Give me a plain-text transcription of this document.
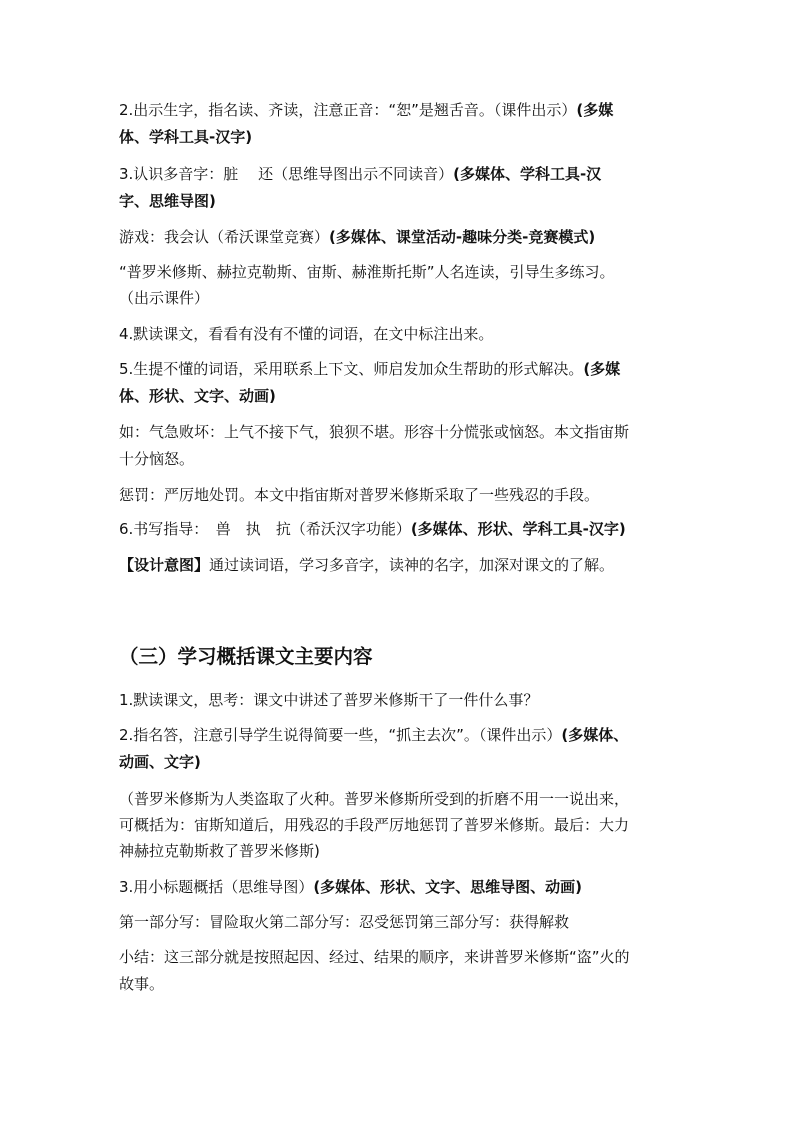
2.出示生字，指名读、齐读，注意正音：“恕”是翘舌音。（课件出示）(多媒
体、学科工具-汉字)
3.认识多音字：脏　 还（思维导图出示不同读音）(多媒体、学科工具-汉
字、思维导图)
游戏：我会认（希沃课堂竞赛）(多媒体、课堂活动-趣味分类-竞赛模式)
“普罗米修斯、赫拉克勒斯、宙斯、赫淮斯托斯”人名连读，引导生多练习。
（出示课件）
4.默读课文，看看有没有不懂的词语，在文中标注出来。
5.生提不懂的词语，采用联系上下文、师启发加众生帮助的形式解决。(多媒
体、形状、文字、动画)
如：气急败坏：上气不接下气，狼狈不堪。形容十分慌张或恼怒。本文指宙斯
十分恼怒。
惩罚：严厉地处罚。本文中指宙斯对普罗米修斯采取了一些残忍的手段。
6.书写指导：　兽　执　抗（希沃汉字功能）(多媒体、形状、学科工具-汉字)
【设计意图】通过读词语，学习多音字，读神的名字，加深对课文的了解。
（三）学习概括课文主要内容
1.默读课文，思考：课文中讲述了普罗米修斯干了一件什么事？
2.指名答，注意引导学生说得简要一些，“抓主去次”。（课件出示）(多媒体、
动画、文字)
（普罗米修斯为人类盗取了火种。普罗米修斯所受到的折磨不用一一说出来，
可概括为：宙斯知道后，用残忍的手段严厉地惩罚了普罗米修斯。最后：大力
神赫拉克勒斯救了普罗米修斯)
3.用小标题概括（思维导图）(多媒体、形状、文字、思维导图、动画)
第一部分写：冒险取火第二部分写：忍受惩罚第三部分写：获得解救
小结：这三部分就是按照起因、经过、结果的顺序，来讲普罗米修斯“盗”火的
故事。
